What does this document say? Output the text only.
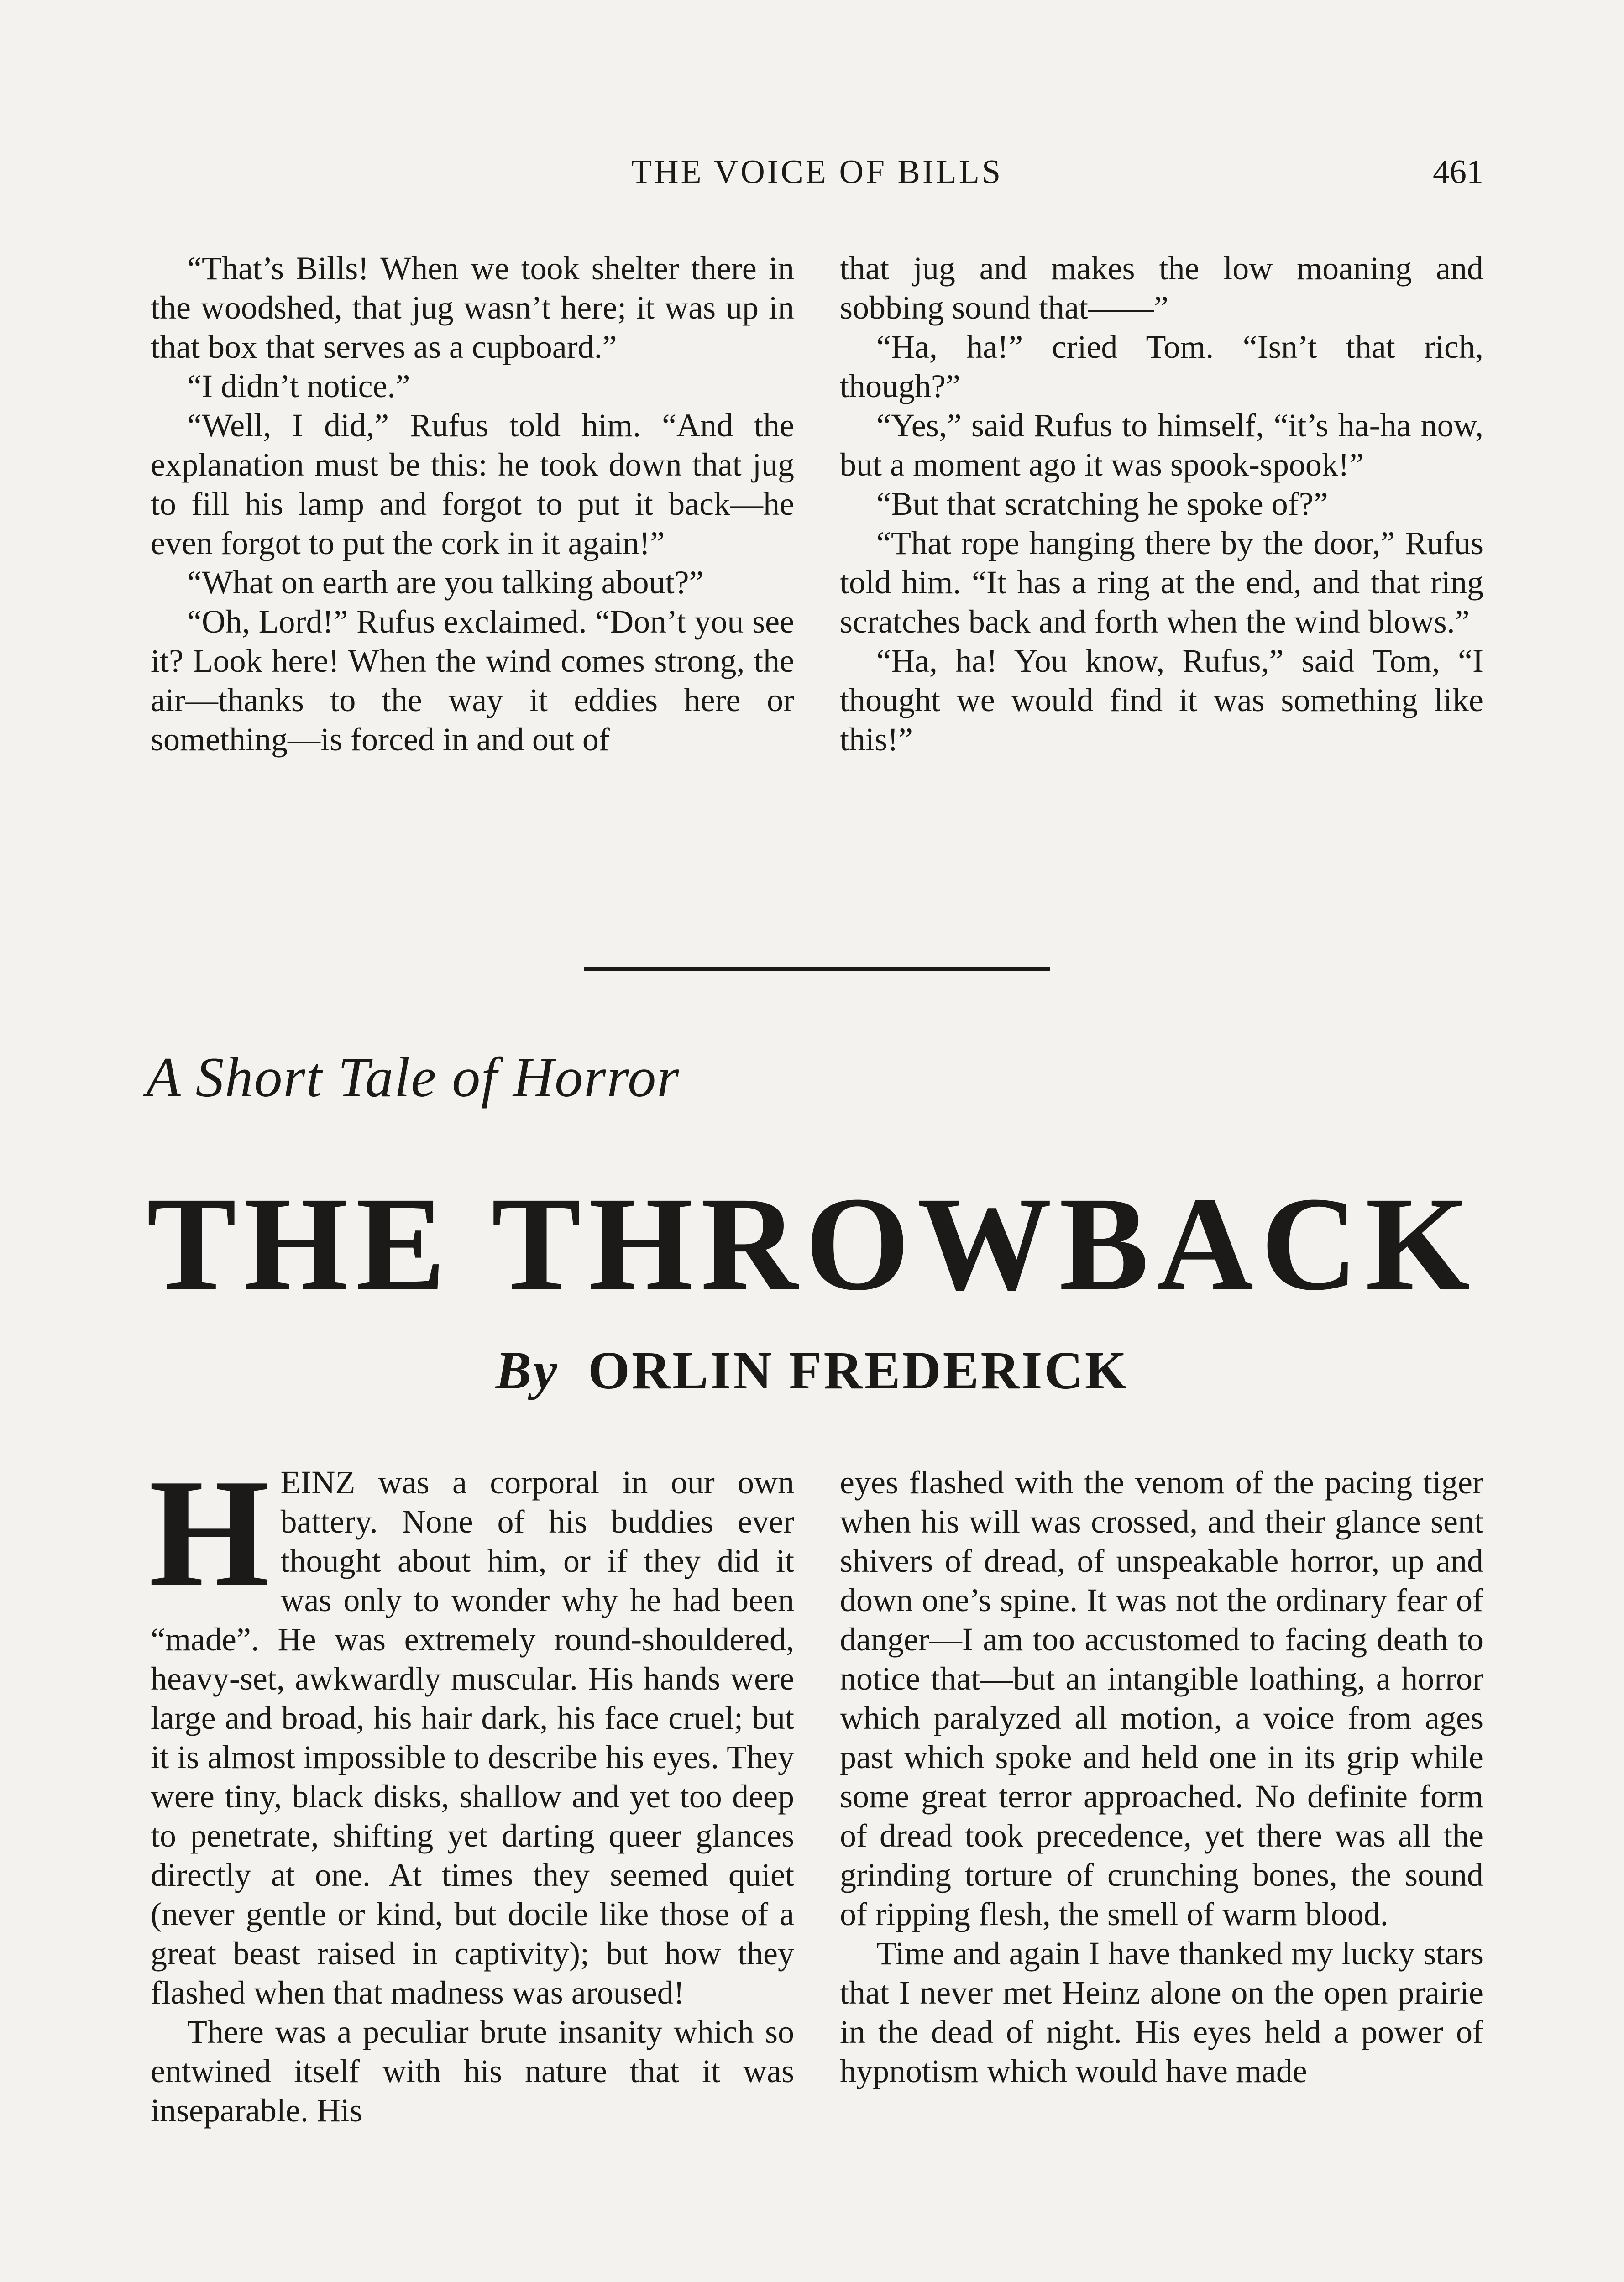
THE VOICE OF BILLS	461

“That’s Bills! When we took shelter there in the woodshed, that jug wasn’t here; it was up in that box that serves as a cupboard.”

“I didn’t notice.”

“Well, I did,” Rufus told him. “And the explanation must be this: he took down that jug to fill his lamp and forgot to put it back—he even forgot to put the cork in it again!”

“What on earth are you talking about?”

“Oh, Lord!” Rufus exclaimed. “Don’t you see it? Look here! When the wind comes strong, the air—thanks to the way it eddies here or something—is forced in and out of

that jug and makes the low moaning and sobbing sound that——”

“Ha, ha!” cried Tom. “Isn’t that rich, though?”

“Yes,” said Rufus to himself, “it’s ha-ha now, but a moment ago it was spook-spook!”

“But that scratching he spoke of?”

“That rope hanging there by the door,” Rufus told him. “It has a ring at the end, and that ring scratches back and forth when the wind blows.”

“Ha, ha! You know, Rufus,” said Tom, “I thought we would find it was something like this!”

A Short Tale of Horror
THE THROWBACK
By ORLIN FREDERICK

HEINZ was a corporal in our own battery. None of his buddies ever thought about him, or if they did it was only to wonder why he had been “made”. He was extremely round-shouldered, heavy-set, awkwardly muscular. His hands were large and broad, his hair dark, his face cruel; but it is almost impossible to describe his eyes. They were tiny, black disks, shallow and yet too deep to penetrate, shifting yet darting queer glances directly at one. At times they seemed quiet (never gentle or kind, but docile like those of a great beast raised in captivity); but how they flashed when that madness was aroused!

There was a peculiar brute insanity which so entwined itself with his nature that it was inseparable. His

eyes flashed with the venom of the pacing tiger when his will was crossed, and their glance sent shivers of dread, of unspeakable horror, up and down one’s spine. It was not the ordinary fear of danger—I am too accustomed to facing death to notice that—but an intangible loathing, a horror which paralyzed all motion, a voice from ages past which spoke and held one in its grip while some great terror approached. No definite form of dread took precedence, yet there was all the grinding torture of crunching bones, the sound of ripping flesh, the smell of warm blood.

Time and again I have thanked my lucky stars that I never met Heinz alone on the open prairie in the dead of night. His eyes held a power of hypnotism which would have made
